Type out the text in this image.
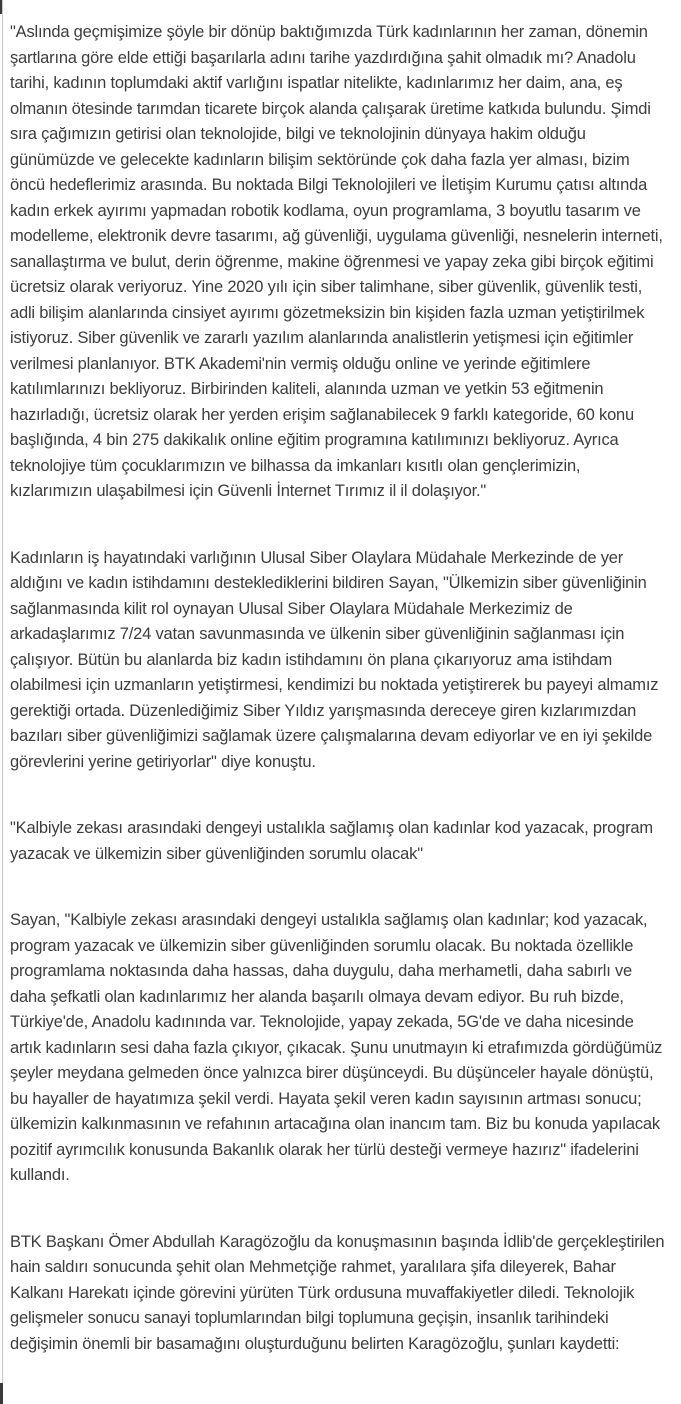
"Aslında geçmişimize şöyle bir dönüp baktığımızda Türk kadınlarının her zaman, dönemin şartlarına göre elde ettiği başarılarla adını tarihe yazdırdığına şahit olmadık mı? Anadolu tarihi, kadının toplumdaki aktif varlığını ispatlar nitelikte, kadınlarımız her daim, ana, eş olmanın ötesinde tarımdan ticarete birçok alanda çalışarak üretime katkıda bulundu. Şimdi sıra çağımızın getirisi olan teknolojide, bilgi ve teknolojinin dünyaya hakim olduğu günümüzde ve gelecekte kadınların bilişim sektöründe çok daha fazla yer alması, bizim öncü hedeflerimiz arasında. Bu noktada Bilgi Teknolojileri ve İletişim Kurumu çatısı altında kadın erkek ayırımı yapmadan robotik kodlama, oyun programlama, 3 boyutlu tasarım ve modelleme, elektronik devre tasarımı, ağ güvenliği, uygulama güvenliği, nesnelerin interneti, sanallaştırma ve bulut, derin öğrenme, makine öğrenmesi ve yapay zeka gibi birçok eğitimi ücretsiz olarak veriyoruz. Yine 2020 yılı için siber talimhane, siber güvenlik, güvenlik testi, adli bilişim alanlarında cinsiyet ayırımı gözetmeksizin bin kişiden fazla uzman yetiştirilmek istiyoruz. Siber güvenlik ve zararlı yazılım alanlarında analistlerin yetişmesi için eğitimler verilmesi planlanıyor. BTK Akademi'nin vermiş olduğu online ve yerinde eğitimlere katılımlarınızı bekliyoruz. Birbirinden kaliteli, alanında uzman ve yetkin 53 eğitmenin hazırladığı, ücretsiz olarak her yerden erişim sağlanabilecek 9 farklı kategoride, 60 konu başlığında, 4 bin 275 dakikalık online eğitim programına katılımınızı bekliyoruz. Ayrıca teknolojiye tüm çocuklarımızın ve bilhassa da imkanları kısıtlı olan gençlerimizin, kızlarımızın ulaşabilmesi için Güvenli İnternet Tırımız il il dolaşıyor."

Kadınların iş hayatındaki varlığının Ulusal Siber Olaylara Müdahale Merkezinde de yer aldığını ve kadın istihdamını desteklediklerini bildiren Sayan, "Ülkemizin siber güvenliğinin sağlanmasında kilit rol oynayan Ulusal Siber Olaylara Müdahale Merkezimiz de arkadaşlarımız 7/24 vatan savunmasında ve ülkenin siber güvenliğinin sağlanması için çalışıyor. Bütün bu alanlarda biz kadın istihdamını ön plana çıkarıyoruz ama istihdam olabilmesi için uzmanların yetiştirmesi, kendimizi bu noktada yetiştirerek bu payeyi almamız gerektiği ortada. Düzenlediğimiz Siber Yıldız yarışmasında dereceye giren kızlarımızdan bazıları siber güvenliğimizi sağlamak üzere çalışmalarına devam ediyorlar ve en iyi şekilde görevlerini yerine getiriyorlar" diye konuştu.

"Kalbiyle zekası arasındaki dengeyi ustalıkla sağlamış olan kadınlar kod yazacak, program yazacak ve ülkemizin siber güvenliğinden sorumlu olacak"

Sayan, "Kalbiyle zekası arasındaki dengeyi ustalıkla sağlamış olan kadınlar; kod yazacak, program yazacak ve ülkemizin siber güvenliğinden sorumlu olacak. Bu noktada özellikle programlama noktasında daha hassas, daha duygulu, daha merhametli, daha sabırlı ve daha şefkatli olan kadınlarımız her alanda başarılı olmaya devam ediyor. Bu ruh bizde, Türkiye'de, Anadolu kadınında var. Teknolojide, yapay zekada, 5G'de ve daha nicesinde artık kadınların sesi daha fazla çıkıyor, çıkacak. Şunu unutmayın ki etrafımızda gördüğümüz şeyler meydana gelmeden önce yalnızca birer düşünceydi. Bu düşünceler hayale dönüştü, bu hayaller de hayatımıza şekil verdi. Hayata şekil veren kadın sayısının artması sonucu; ülkemizin kalkınmasının ve refahının artacağına olan inancım tam. Biz bu konuda yapılacak pozitif ayrımcılık konusunda Bakanlık olarak her türlü desteği vermeye hazırız" ifadelerini kullandı.

BTK Başkanı Ömer Abdullah Karagözoğlu da konuşmasının başında İdlib'de gerçekleştirilen hain saldırı sonucunda şehit olan Mehmetçiğe rahmet, yaralılara şifa dileyerek, Bahar Kalkanı Harekatı içinde görevini yürüten Türk ordusuna muvaffakiyetler diledi. Teknolojik gelişmeler sonucu sanayi toplumlarından bilgi toplumuna geçişin, insanlık tarihindeki değişimin önemli bir basamağını oluşturduğunu belirten Karagözoğlu, şunları kaydetti:
